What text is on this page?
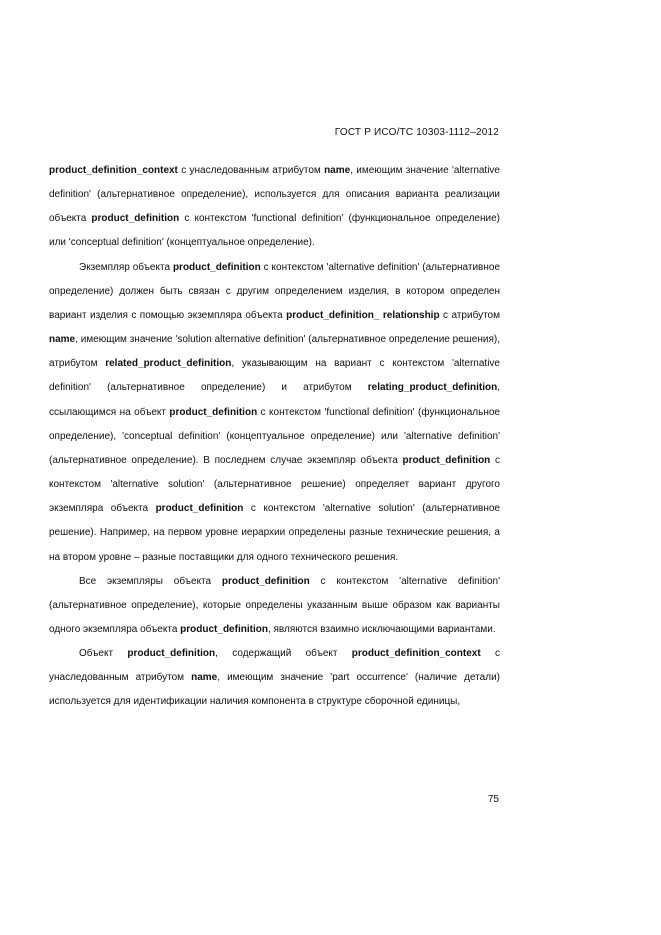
ГОСТ Р ИСО/ТС 10303-1112–2012

product_definition_context с унаследованным атрибутом name, имеющим значение 'alternative definition' (альтернативное определение), используется для описания варианта реализации объекта product_definition с контекстом 'functional definition' (функциональное определение) или 'conceptual definition' (концептуальное определение).

Экземпляр объекта product_definition с контекстом 'alternative definition' (альтернативное определение) должен быть связан с другим определением изделия, в котором определен вариант изделия с помощью экземпляра объекта product_definition_ relationship с атрибутом name, имеющим значение 'solution alternative definition' (альтернативное определение решения), атрибутом related_product_definition, указывающим на вариант с контекстом 'alternative definition' (альтернативное определение) и атрибутом relating_product_definition, ссылающимся на объект product_definition с контекстом 'functional definition' (функциональное определение), 'conceptual definition' (концептуальное определение) или 'alternative definition' (альтернативное определение). В последнем случае экземпляр объекта product_definition с контекстом 'alternative solution' (альтернативное решение) определяет вариант другого экземпляра объекта product_definition с контекстом 'alternative solution' (альтернативное решение). Например, на первом уровне иерархии определены разные технические решения, а на втором уровне – разные поставщики для одного технического решения.

Все экземпляры объекта product_definition с контекстом 'alternative definition' (альтернативное определение), которые определены указанным выше образом как варианты одного экземпляра объекта product_definition, являются взаимно исключающими вариантами.

Объект product_definition, содержащий объект product_definition_context с унаследованным атрибутом name, имеющим значение 'part occurrence' (наличие детали) используется для идентификации наличия компонента в структуре сборочной единицы,

75
